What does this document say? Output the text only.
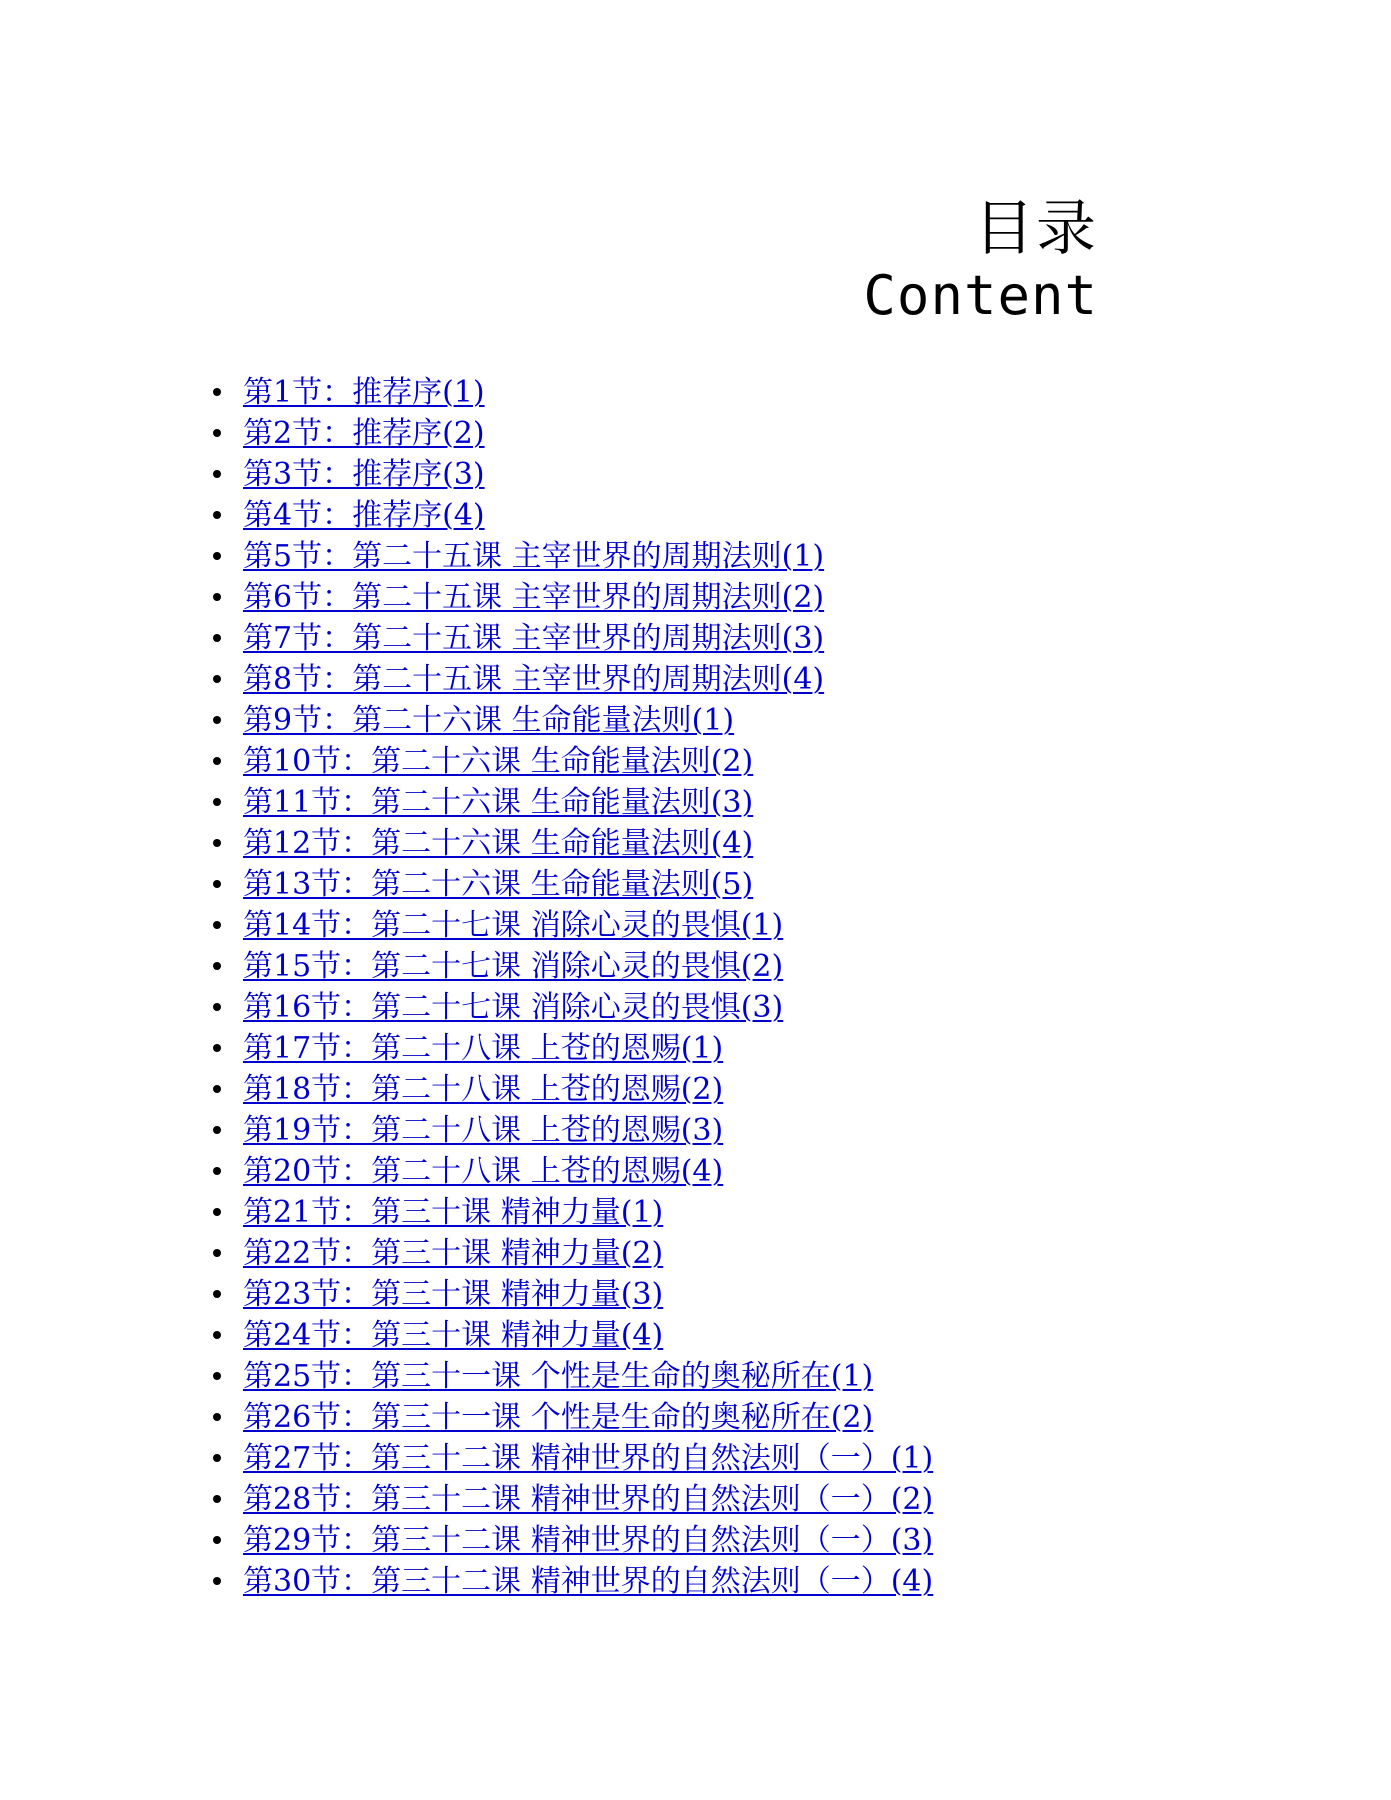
目录
Content
第1节：推荐序(1)
第2节：推荐序(2)
第3节：推荐序(3)
第4节：推荐序(4)
第5节：第二十五课 主宰世界的周期法则(1)
第6节：第二十五课 主宰世界的周期法则(2)
第7节：第二十五课 主宰世界的周期法则(3)
第8节：第二十五课 主宰世界的周期法则(4)
第9节：第二十六课 生命能量法则(1)
第10节：第二十六课 生命能量法则(2)
第11节：第二十六课 生命能量法则(3)
第12节：第二十六课 生命能量法则(4)
第13节：第二十六课 生命能量法则(5)
第14节：第二十七课 消除心灵的畏惧(1)
第15节：第二十七课 消除心灵的畏惧(2)
第16节：第二十七课 消除心灵的畏惧(3)
第17节：第二十八课 上苍的恩赐(1)
第18节：第二十八课 上苍的恩赐(2)
第19节：第二十八课 上苍的恩赐(3)
第20节：第二十八课 上苍的恩赐(4)
第21节：第三十课 精神力量(1)
第22节：第三十课 精神力量(2)
第23节：第三十课 精神力量(3)
第24节：第三十课 精神力量(4)
第25节：第三十一课 个性是生命的奥秘所在(1)
第26节：第三十一课 个性是生命的奥秘所在(2)
第27节：第三十二课 精神世界的自然法则（一）(1)
第28节：第三十二课 精神世界的自然法则（一）(2)
第29节：第三十二课 精神世界的自然法则（一）(3)
第30节：第三十二课 精神世界的自然法则（一）(4)
